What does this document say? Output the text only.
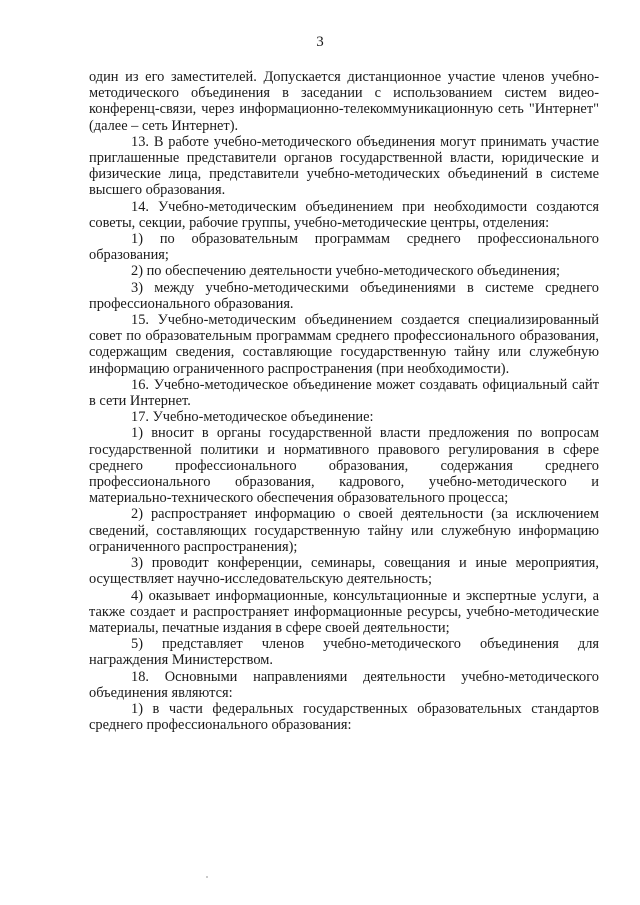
3

один из его заместителей. Допускается дистанционное участие членов учебно-методического объединения в заседании с использованием систем видео-конференц-связи, через информационно-телекоммуникационную сеть "Интернет" (далее – сеть Интернет).

13. В работе учебно-методического объединения могут принимать участие приглашенные представители органов государственной власти, юридические и физические лица, представители учебно-методических объединений в системе высшего образования.

14. Учебно-методическим объединением при необходимости создаются советы, секции, рабочие группы, учебно-методические центры, отделения:

1) по образовательным программам среднего профессионального образования;

2) по обеспечению деятельности учебно-методического объединения;

3) между учебно-методическими объединениями в системе среднего профессионального образования.

15. Учебно-методическим объединением создается специализированный совет по образовательным программам среднего профессионального образования, содержащим сведения, составляющие государственную тайну или служебную информацию ограниченного распространения (при необходимости).

16. Учебно-методическое объединение может создавать официальный сайт в сети Интернет.

17. Учебно-методическое объединение:

1) вносит в органы государственной власти предложения по вопросам государственной политики и нормативного правового регулирования в сфере среднего профессионального образования, содержания среднего профессионального образования, кадрового, учебно-методического и материально-технического обеспечения образовательного процесса;

2) распространяет информацию о своей деятельности (за исключением сведений, составляющих государственную тайну или служебную информацию ограниченного распространения);

3) проводит конференции, семинары, совещания и иные мероприятия, осуществляет научно-исследовательскую деятельность;

4) оказывает информационные, консультационные и экспертные услуги, а также создает и распространяет информационные ресурсы, учебно-методические материалы, печатные издания в сфере своей деятельности;

5) представляет членов учебно-методического объединения для награждения Министерством.

18. Основными направлениями деятельности учебно-методического объединения являются:

1) в части федеральных государственных образовательных стандартов среднего профессионального образования:
